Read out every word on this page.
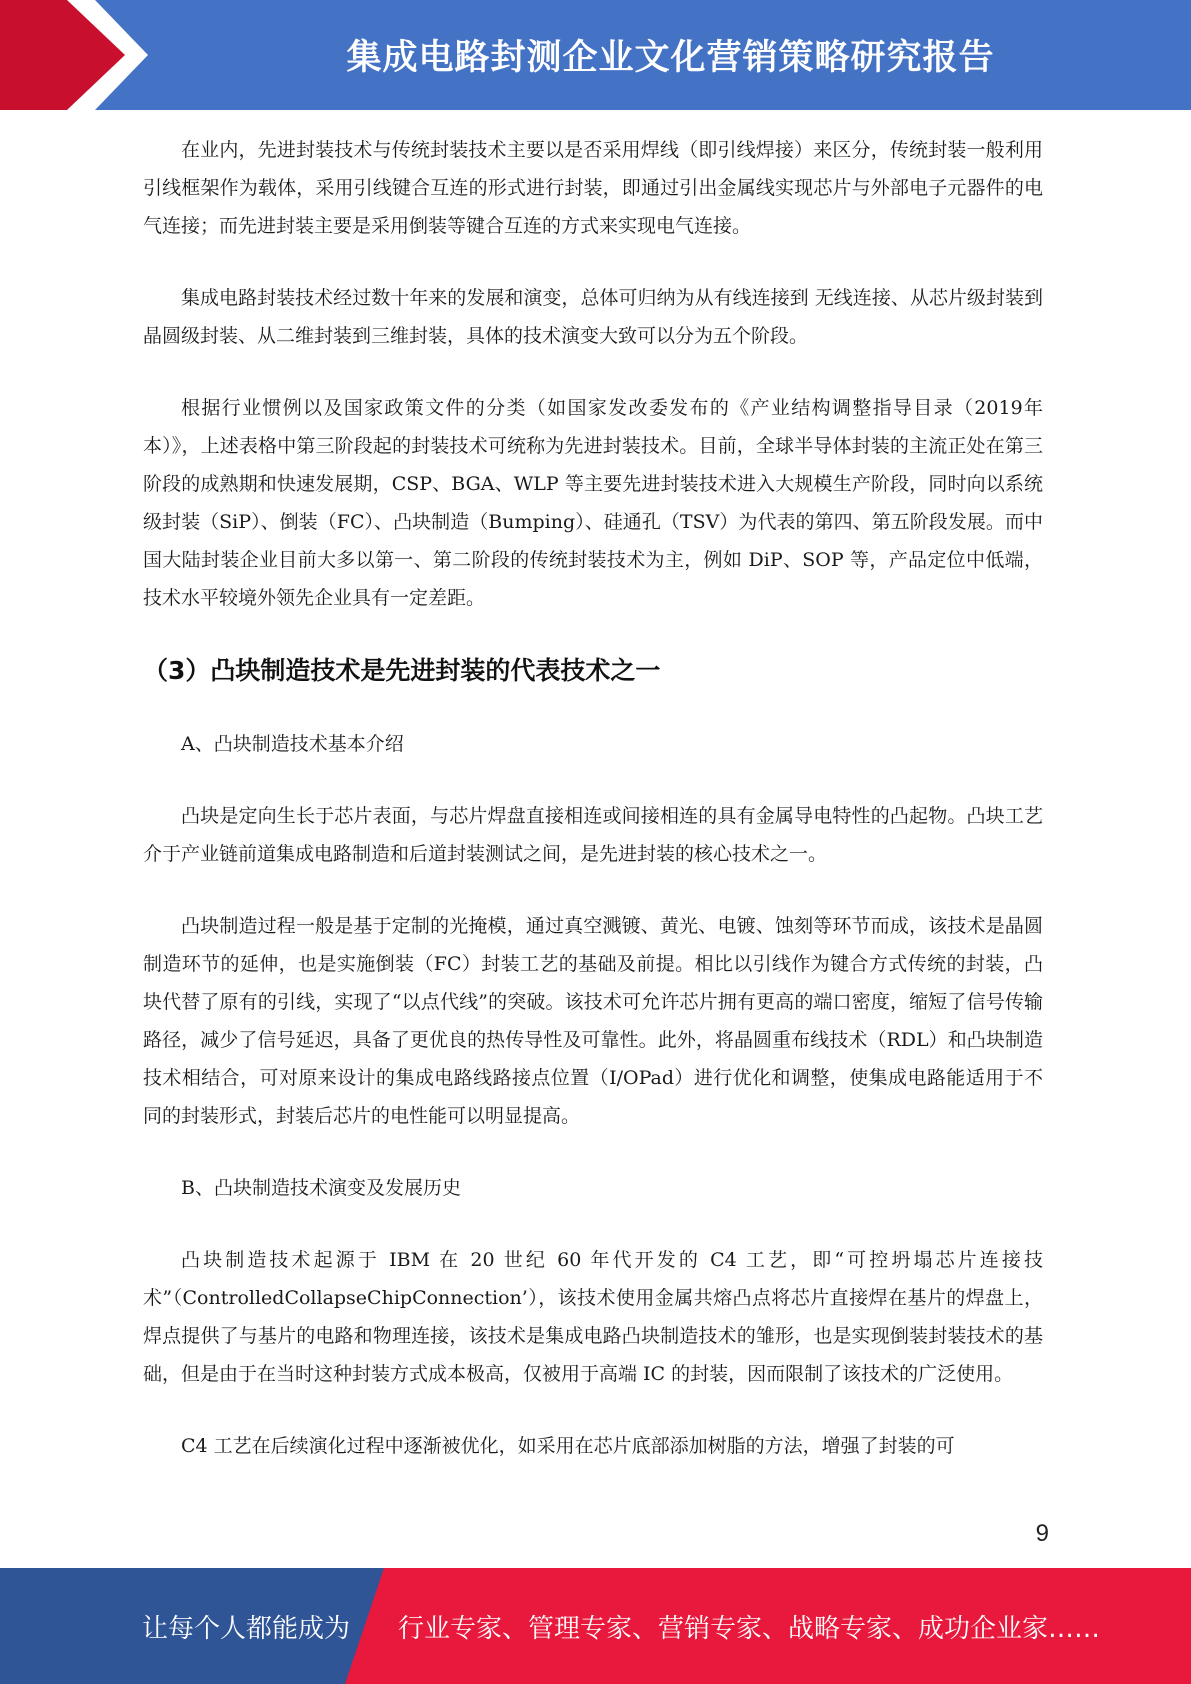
集成电路封测企业文化营销策略研究报告

在业内，先进封装技术与传统封装技术主要以是否采用焊线（即引线焊接）来区分，传统封装一般利用引线框架作为载体，采用引线键合互连的形式进行封装，即通过引出金属线实现芯片与外部电子元器件的电气连接；而先进封装主要是采用倒装等键合互连的方式来实现电气连接。

集成电路封装技术经过数十年来的发展和演变，总体可归纳为从有线连接到 无线连接、从芯片级封装到晶圆级封装、从二维封装到三维封装，具体的技术演变大致可以分为五个阶段。

根据行业惯例以及国家政策文件的分类（如国家发改委发布的《产业结构调整指导目录（2019年本）》，上述表格中第三阶段起的封装技术可统称为先进封装技术。目前，全球半导体封装的主流正处在第三阶段的成熟期和快速发展期，CSP、BGA、WLP 等主要先进封装技术进入大规模生产阶段，同时向以系统级封装（SiP）、倒装（FC）、凸块制造（Bumping）、硅通孔（TSV）为代表的第四、第五阶段发展。而中国大陆封装企业目前大多以第一、第二阶段的传统封装技术为主，例如 DiP、SOP 等，产品定位中低端，技术水平较境外领先企业具有一定差距。

（3）凸块制造技术是先进封装的代表技术之一

A、凸块制造技术基本介绍

凸块是定向生长于芯片表面，与芯片焊盘直接相连或间接相连的具有金属导电特性的凸起物。凸块工艺介于产业链前道集成电路制造和后道封装测试之间，是先进封装的核心技术之一。

凸块制造过程一般是基于定制的光掩模，通过真空溅镀、黄光、电镀、蚀刻等环节而成，该技术是晶圆制造环节的延伸，也是实施倒装（FC）封装工艺的基础及前提。相比以引线作为键合方式传统的封装，凸块代替了原有的引线，实现了“以点代线”的突破。该技术可允许芯片拥有更高的端口密度，缩短了信号传输路径，减少了信号延迟，具备了更优良的热传导性及可靠性。此外，将晶圆重布线技术（RDL）和凸块制造技术相结合，可对原来设计的集成电路线路接点位置（I/OPad）进行优化和调整，使集成电路能适用于不同的封装形式，封装后芯片的电性能可以明显提高。

B、凸块制造技术演变及发展历史

凸块制造技术起源于 IBM 在 20 世纪 60 年代开发的 C4 工艺，即“可控坍塌芯片连接技术”（ControlledCollapseChipConnection’），该技术使用金属共熔凸点将芯片直接焊在基片的焊盘上，焊点提供了与基片的电路和物理连接，该技术是集成电路凸块制造技术的雏形，也是实现倒装封装技术的基础，但是由于在当时这种封装方式成本极高，仅被用于高端 IC 的封装，因而限制了该技术的广泛使用。

C4 工艺在后续演化过程中逐渐被优化，如采用在芯片底部添加树脂的方法，增强了封装的可

9
让每个人都能成为 行业专家、管理专家、营销专家、战略专家、成功企业家……
